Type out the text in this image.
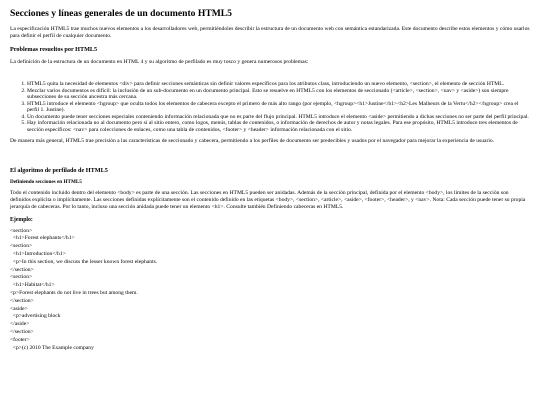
Secciones y líneas generales de un documento HTML5

La especificación HTML5 trae muchos nuevos elementos a los desarrolladores web, permitiéndoles describir la estructura de un documento web con semántica estandarizada. Este documento describe estos elementos y cómo usarlos para definir el perfil de cualquier documento.

Problemas resueltos por HTML5

La definición de la estructura de un documento en HTML 4 y su algoritmo de perfilado es muy tosco y genera numerosos problemas:

1. HTML5 quita la necesidad de elementos <div> para definir secciones semánticas sin definir valores específicos para los atributos class, introduciendo un nuevo elemento, <section>, el elemento de sección HTML.
2. Mezclar varios documentos es difícil: la inclusión de un sub-documento en un documento principal. Esto se resuelve en HTML5 con los elementos de seccionado (<article>, <section>, <nav> y <aside>) son siempre subsecciones de su sección ancestra más cercana.
3. HTML5 introduce el elemento <hgroup> que oculta todos los elementos de cabecera excepto el primero de más alto rango (por ejemplo, <hgroup><h1>Justine</h1><h2>Les Malheurs de la Vertu</h2></hgroup> crea el perfil 1. Justine).
4. Un documento puede tener secciones especiales conteniendo información relacionada que no es parte del flujo principal. HTML5 introduce el elemento <aside> permitiendo a dichas secciones no ser parte del perfil principal.
5. Hay información relacionada no al documento pero sí al sitio entero, como logos, menús, tablas de contenidos, o información de derechos de autor y notas legales. Para ese propósito, HTML5 introduce tres elementos de sección específicos: <nav> para colecciones de enlaces, como una tabla de contenidos, <footer> y <header> información relacionada con el sitio.

De manera más general, HTML5 trae precisión a las características de seccionado y cabecera, permitiendo a los perfiles de documento ser predecibles y usados por el navegador para mejorar la experiencia de usuario.

El algoritmo de perfilado de HTML5
Definiendo secciones en HTML5

Todo el contenido incluido dentro del elemento <body> es parte de una sección. Las secciones en HTML5 pueden ser anidadas. Además de la sección principal, definida por el elemento <body>, los límites de la sección son definidos explícita o implícitamente. Las secciones definidas explícitamente son el contenido definido en las etiquetas <body>, <section>, <article>, <aside>, <footer>, <header>, y <nav>. Nota: Cada sección puede tener su propia jerarquía de cabeceras. Por lo tanto, incluso una sección anidada puede tener un elemento <h1>. Consulte también Definiendo cabeceras en HTML5.

Ejemplo:
<section>
<h1>Forest elephants</h1>
<section>
<h1>Introduction</h1>
<p>In this section, we discuss the lesser known forest elephants.
</section>
<section>
<h1>Habitat</h1>
<p>Forest elephants do not live in trees but among them.
</section>
<aside>
<p>advertising block
</aside>
</section>
<footer>
<p>(c) 2010 The Example company
